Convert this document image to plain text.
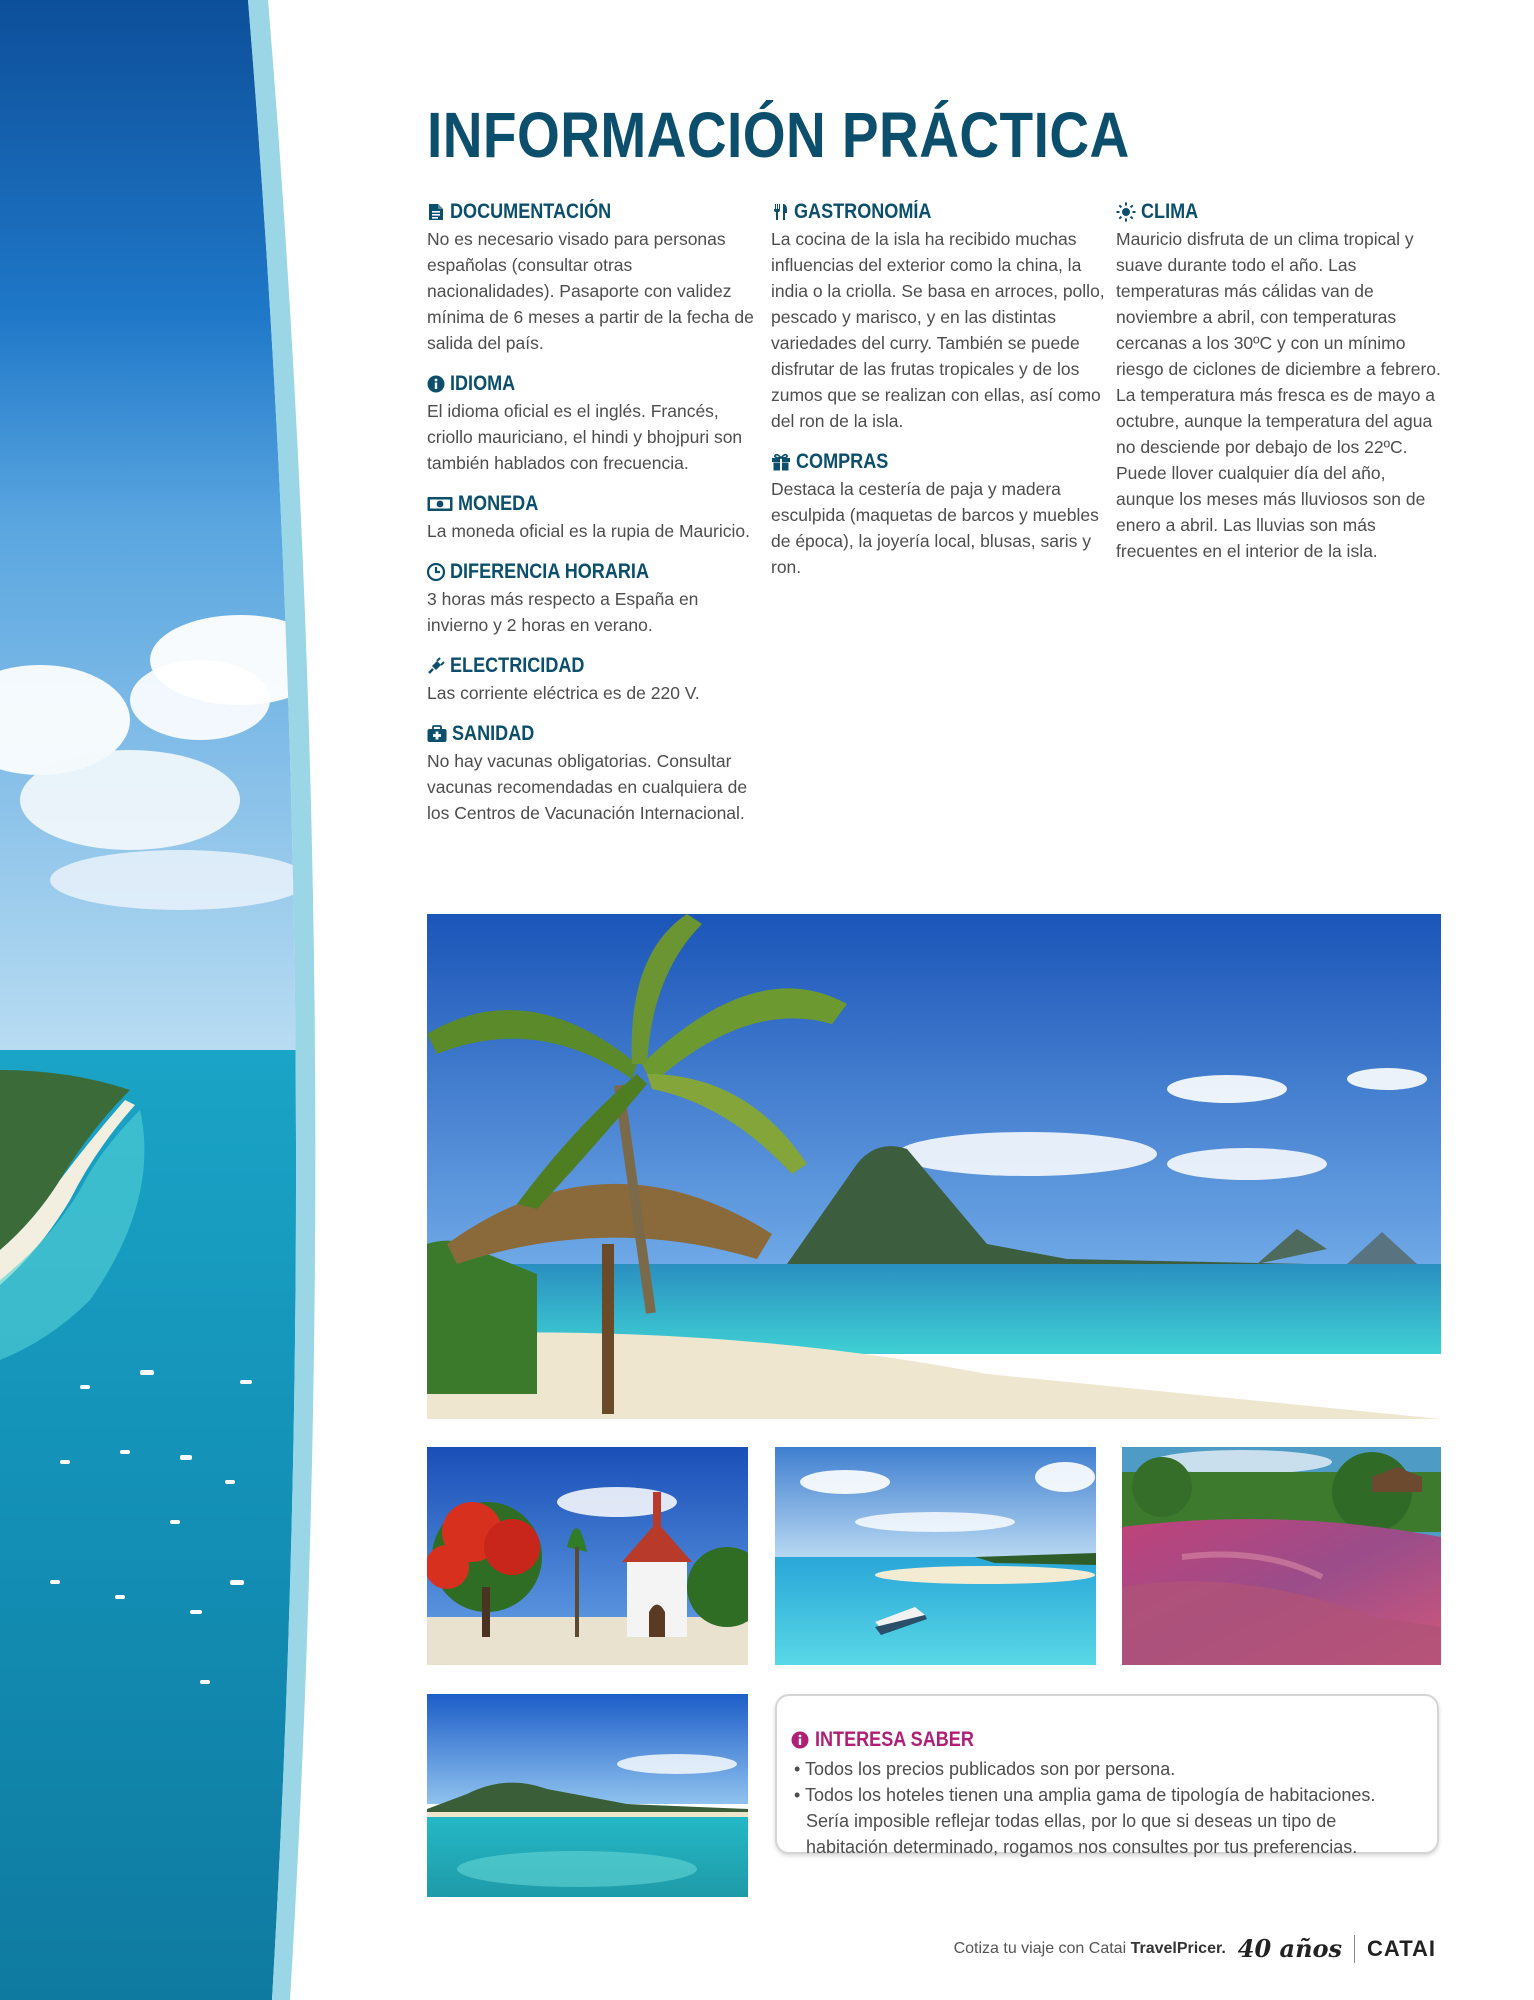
INFORMACIÓN PRÁCTICA
DOCUMENTACIÓN

No es necesario visado para personas españolas (consultar otras nacionalidades). Pasaporte con validez mínima de 6 meses a partir de la fecha de salida del país.

IDIOMA

El idioma oficial es el inglés. Francés, criollo mauriciano, el hindi y bhojpuri son también hablados con frecuencia.

MONEDA

La moneda oficial es la rupia de Mauricio.

DIFERENCIA HORARIA

3 horas más respecto a España en invierno y 2 horas en verano.

ELECTRICIDAD

Las corriente eléctrica es de 220 V.

SANIDAD

No hay vacunas obligatorias. Consultar vacunas recomendadas en cualquiera de los Centros de Vacunación Internacional.

GASTRONOMÍA

La cocina de la isla ha recibido muchas influencias del exterior como la china, la india o la criolla. Se basa en arroces, pollo, pescado y marisco, y en las distintas variedades del curry. También se puede disfrutar de las frutas tropicales y de los zumos que se realizan con ellas, así como del ron de la isla.

COMPRAS

Destaca la cestería de paja y madera esculpida (maquetas de barcos y muebles de época), la joyería local, blusas, saris y ron.

CLIMA

Mauricio disfruta de un clima tropical y suave durante todo el año. Las temperaturas más cálidas van de noviembre a abril, con temperaturas cercanas a los 30ºC y con un mínimo riesgo de ciclones de diciembre a febrero. La temperatura más fresca es de mayo a octubre, aunque la temperatura del agua no desciende por debajo de los 22ºC. Puede llover cualquier día del año, aunque los meses más lluviosos son de enero a abril. Las lluvias son más frecuentes en el interior de la isla.

INTERESA SABER
• Todos los precios publicados son por persona.
• Todos los hoteles tienen una amplia gama de tipología de habitaciones. Sería imposible reflejar todas ellas, por lo que si deseas un tipo de habitación determinado, rogamos nos consultes por tus preferencias.
Cotiza tu viaje con Catai TravelPricer. 40 años CATAI
